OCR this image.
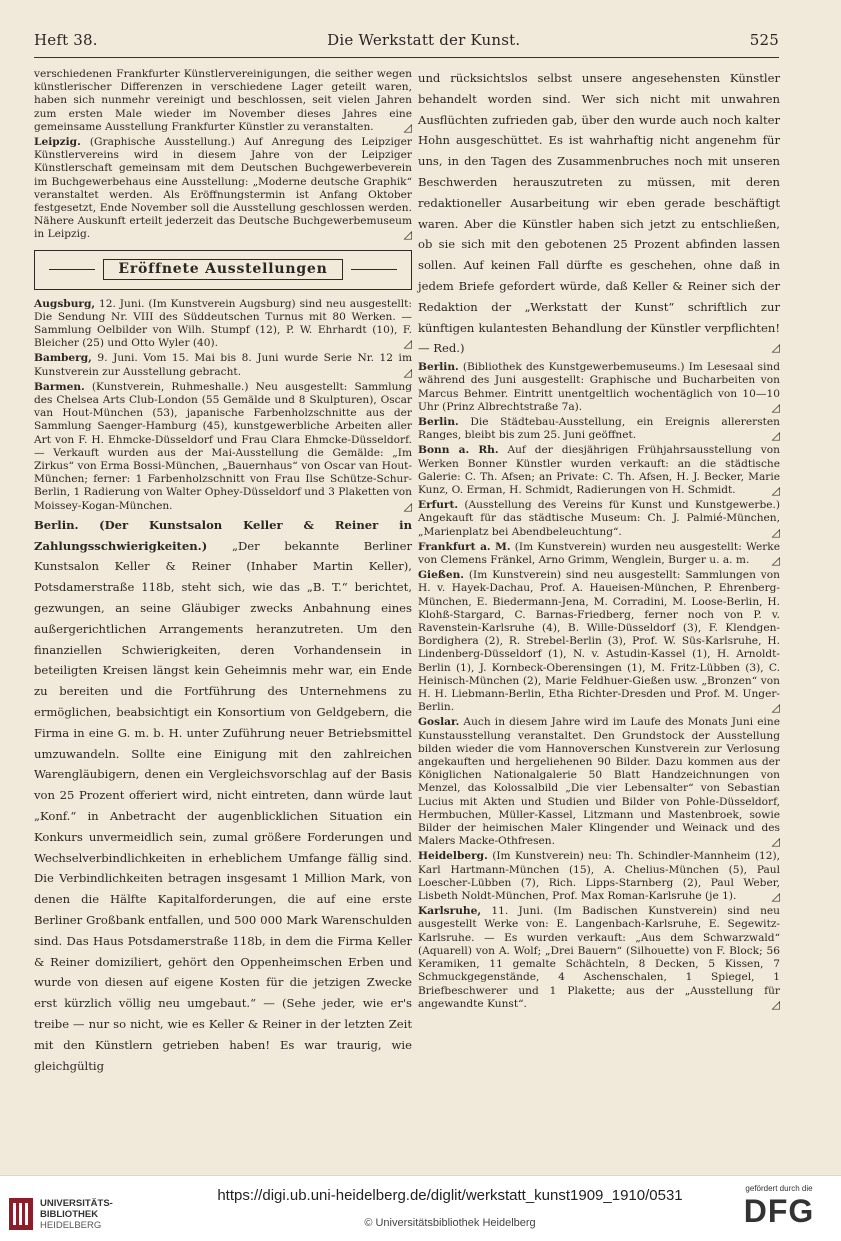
Heft 38.	Die Werkstatt der Kunst.	525

verschiedenen Frankfurter Künstlervereinigungen, die seither wegen künstlerischer Differenzen in verschiedene Lager geteilt waren, haben sich nunmehr vereinigt und beschlossen, seit vielen Jahren zum ersten Male wieder im November dieses Jahres eine gemeinsame Ausstellung Frankfurter Künstler zu veranstalten.	◿

Leipzig. (Graphische Ausstellung.) Auf Anregung des Leipziger Künstlervereins wird in diesem Jahre von der Leipziger Künstlerschaft gemeinsam mit dem Deutschen Buchgewerbeverein im Buchgewerbehaus eine Ausstellung: „Moderne deutsche Graphik“ veranstaltet werden. Als Eröffnungstermin ist Anfang Oktober festgesetzt, Ende November soll die Ausstellung geschlossen werden. Nähere Auskunft erteilt jederzeit das Deutsche Buchgewerbemuseum in Leipzig.	◿

Eröffnete Ausstellungen

Augsburg, 12. Juni. (Im Kunstverein Augsburg) sind neu ausgestellt: Die Sendung Nr. VIII des Süddeutschen Turnus mit 80 Werken. — Sammlung Oelbilder von Wilh. Stumpf (12), P. W. Ehrhardt (10), F. Bleicher (25) und Otto Wyler (40).	◿

Bamberg, 9. Juni. Vom 15. Mai bis 8. Juni wurde Serie Nr. 12 im Kunstverein zur Ausstellung gebracht.	◿

Barmen. (Kunstverein, Ruhmeshalle.) Neu ausgestellt: Sammlung des Chelsea Arts Club-London (55 Gemälde und 8 Skulpturen), Oscar van Hout-München (53), japanische Farbenholzschnitte aus der Sammlung Saenger-Hamburg (45), kunstgewerbliche Arbeiten aller Art von F. H. Ehmcke-Düsseldorf und Frau Clara Ehmcke-Düsseldorf. — Verkauft wurden aus der Mai-Ausstellung die Gemälde: „Im Zirkus“ von Erma Bossi-München, „Bauernhaus“ von Oscar van Hout-München; ferner: 1 Farbenholzschnitt von Frau Ilse Schütze-Schur-Berlin, 1 Radierung von Walter Ophey-Düsseldorf und 3 Plaketten von Moissey-Kogan-München.	◿

Berlin. (Der Kunstsalon Keller & Reiner in Zahlungsschwierigkeiten.) „Der bekannte Berliner Kunstsalon Keller & Reiner (Inhaber Martin Keller), Potsdamerstraße 118b, steht sich, wie das „B. T.“ berichtet, gezwungen, an seine Gläubiger zwecks Anbahnung eines außergerichtlichen Arrangements heranzutreten. Um den finanziellen Schwierigkeiten, deren Vorhandensein in beteiligten Kreisen längst kein Geheimnis mehr war, ein Ende zu bereiten und die Fortführung des Unternehmens zu ermöglichen, beabsichtigt ein Konsortium von Geldgebern, die Firma in eine G. m. b. H. unter Zuführung neuer Betriebsmittel umzuwandeln. Sollte eine Einigung mit den zahlreichen Warengläubigern, denen ein Vergleichsvorschlag auf der Basis von 25 Prozent offeriert wird, nicht eintreten, dann würde laut „Konf.“ in Anbetracht der augenblicklichen Situation ein Konkurs unvermeidlich sein, zumal größere Forderungen und Wechselverbindlichkeiten in erheblichem Umfange fällig sind. Die Verbindlichkeiten betragen insgesamt 1 Million Mark, von denen die Hälfte Kapitalforderungen, die auf eine erste Berliner Großbank entfallen, und 500 000 Mark Warenschulden sind. Das Haus Potsdamerstraße 118b, in dem die Firma Keller & Reiner domiziliert, gehört den Oppenheimschen Erben und wurde von diesen auf eigene Kosten für die jetzigen Zwecke erst kürzlich völlig neu umgebaut.“ — (Sehe jeder, wie er's treibe — nur so nicht, wie es Keller & Reiner in der letzten Zeit mit den Künstlern getrieben haben! Es war traurig, wie gleichgültig

und rücksichtslos selbst unsere angesehensten Künstler behandelt worden sind. Wer sich nicht mit unwahren Ausflüchten zufrieden gab, über den wurde auch noch kalter Hohn ausgeschüttet. Es ist wahrhaftig nicht angenehm für uns, in den Tagen des Zusammenbruches noch mit unseren Beschwerden herauszutreten zu müssen, mit deren redaktioneller Ausarbeitung wir eben gerade beschäftigt waren. Aber die Künstler haben sich jetzt zu entschließen, ob sie sich mit den gebotenen 25 Prozent abfinden lassen sollen. Auf keinen Fall dürfte es geschehen, ohne daß in jedem Briefe gefordert würde, daß Keller & Reiner sich der Redaktion der „Werkstatt der Kunst“ schriftlich zur künftigen kulantesten Behandlung der Künstler verpflichten! — Red.)	◿

Berlin. (Bibliothek des Kunstgewerbemuseums.) Im Lesesaal sind während des Juni ausgestellt: Graphische und Bucharbeiten von Marcus Behmer. Eintritt unentgeltlich wochentäglich von 10—10 Uhr (Prinz Albrechtstraße 7a).	◿

Berlin. Die Städtebau-Ausstellung, ein Ereignis allerersten Ranges, bleibt bis zum 25. Juni geöffnet.	◿

Bonn a. Rh. Auf der diesjährigen Frühjahrsausstellung von Werken Bonner Künstler wurden verkauft: an die städtische Galerie: C. Th. Afsen; an Private: C. Th. Afsen, H. J. Becker, Marie Kunz, O. Erman, H. Schmidt, Radierungen von H. Schmidt.	◿

Erfurt. (Ausstellung des Vereins für Kunst und Kunstgewerbe.) Angekauft für das städtische Museum: Ch. J. Palmié-München, „Marienplatz bei Abendbeleuchtung“.	◿

Frankfurt a. M. (Im Kunstverein) wurden neu ausgestellt: Werke von Clemens Fränkel, Arno Grimm, Wenglein, Burger u. a. m. ◿

Gießen. (Im Kunstverein) sind neu ausgestellt: Sammlungen von H. v. Hayek-Dachau, Prof. A. Haueisen-München, P. Ehrenberg-München, E. Biedermann-Jena, M. Corradini, M. Loose-Berlin, H. Klohß-Stargard, C. Barnas-Friedberg, ferner noch von P. v. Ravenstein-Karlsruhe (4), B. Wille-Düsseldorf (3), F. Klendgen-Bordighera (2), R. Strebel-Berlin (3), Prof. W. Süs-Karlsruhe, H. Lindenberg-Düsseldorf (1), N. v. Astudin-Kassel (1), H. Arnoldt-Berlin (1), J. Kornbeck-Oberensingen (1), M. Fritz-Lübben (3), C. Heinisch-München (2), Marie Feldhuer-Gießen usw. „Bronzen“ von H. H. Liebmann-Berlin, Etha Richter-Dresden und Prof. M. Unger-Berlin.	◿

Goslar. Auch in diesem Jahre wird im Laufe des Monats Juni eine Kunstausstellung veranstaltet. Den Grundstock der Ausstellung bilden wieder die vom Hannoverschen Kunstverein zur Verlosung angekauften und hergeliehenen 90 Bilder. Dazu kommen aus der Königlichen Nationalgalerie 50 Blatt Handzeichnungen von Menzel, das Kolossalbild „Die vier Lebensalter“ von Sebastian Lucius mit Akten und Studien und Bilder von Pohle-Düsseldorf, Hermbuchen, Müller-Kassel, Litzmann und Mastenbroek, sowie Bilder der heimischen Maler Klingender und Weinack und des Malers Macke-Othfresen.	◿

Heidelberg. (Im Kunstverein) neu: Th. Schindler-Mannheim (12), Karl Hartmann-München (15), A. Chelius-München (5), Paul Loescher-Lübben (7), Rich. Lipps-Starnberg (2), Paul Weber, Lisbeth Noldt-München, Prof. Max Roman-Karlsruhe (je 1).	◿

Karlsruhe, 11. Juni. (Im Badischen Kunstverein) sind neu ausgestellt Werke von: E. Langenbach-Karlsruhe, E. Segewitz-Karlsruhe. — Es wurden verkauft: „Aus dem Schwarzwald“ (Aquarell) von A. Wolf; „Drei Bauern“ (Silhouette) von F. Block; 56 Keramiken, 11 gemalte Schächteln, 8 Decken, 5 Kissen, 7 Schmuckgegenstände, 4 Aschenschalen, 1 Spiegel, 1 Briefbeschwerer und 1 Plakette; aus der „Ausstellung für angewandte Kunst“.	◿

UNIVERSITÄTS-
BIBLIOTHEK
HEIDELBERG
https://digi.ub.uni-heidelberg.de/diglit/werkstatt_kunst1909_1910/0531
© Universitätsbibliothek Heidelberg
gefördert durch die
DFG
